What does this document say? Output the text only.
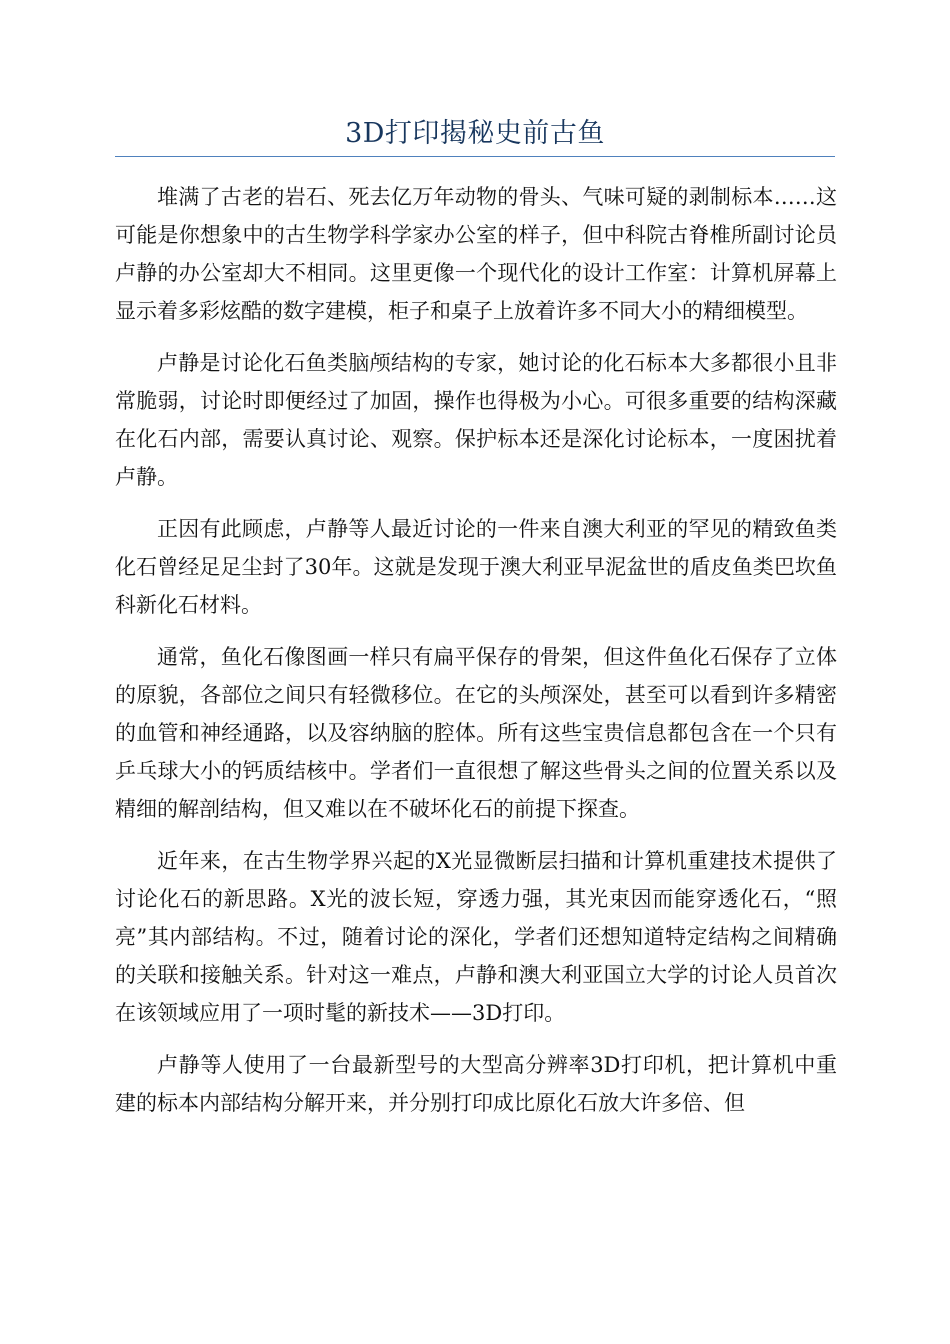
3D打印揭秘史前古鱼

堆满了古老的岩石、死去亿万年动物的骨头、气味可疑的剥制标本……这可能是你想象中的古生物学科学家办公室的样子，但中科院古脊椎所副讨论员卢静的办公室却大不相同。这里更像一个现代化的设计工作室：计算机屏幕上显示着多彩炫酷的数字建模，柜子和桌子上放着许多不同大小的精细模型。

卢静是讨论化石鱼类脑颅结构的专家，她讨论的化石标本大多都很小且非常脆弱，讨论时即便经过了加固，操作也得极为小心。可很多重要的结构深藏在化石内部，需要认真讨论、观察。保护标本还是深化讨论标本，一度困扰着卢静。

正因有此顾虑，卢静等人最近讨论的一件来自澳大利亚的罕见的精致鱼类化石曾经足足尘封了30年。这就是发现于澳大利亚早泥盆世的盾皮鱼类巴坎鱼科新化石材料。

通常，鱼化石像图画一样只有扁平保存的骨架，但这件鱼化石保存了立体的原貌，各部位之间只有轻微移位。在它的头颅深处，甚至可以看到许多精密的血管和神经通路，以及容纳脑的腔体。所有这些宝贵信息都包含在一个只有乒乓球大小的钙质结核中。学者们一直很想了解这些骨头之间的位置关系以及精细的解剖结构，但又难以在不破坏化石的前提下探查。

近年来，在古生物学界兴起的X光显微断层扫描和计算机重建技术提供了讨论化石的新思路。X光的波长短，穿透力强，其光束因而能穿透化石，“照亮”其内部结构。不过，随着讨论的深化，学者们还想知道特定结构之间精确的关联和接触关系。针对这一难点，卢静和澳大利亚国立大学的讨论人员首次在该领域应用了一项时髦的新技术——3D打印。

卢静等人使用了一台最新型号的大型高分辨率3D打印机，把计算机中重建的标本内部结构分解开来，并分别打印成比原化石放大许多倍、但
